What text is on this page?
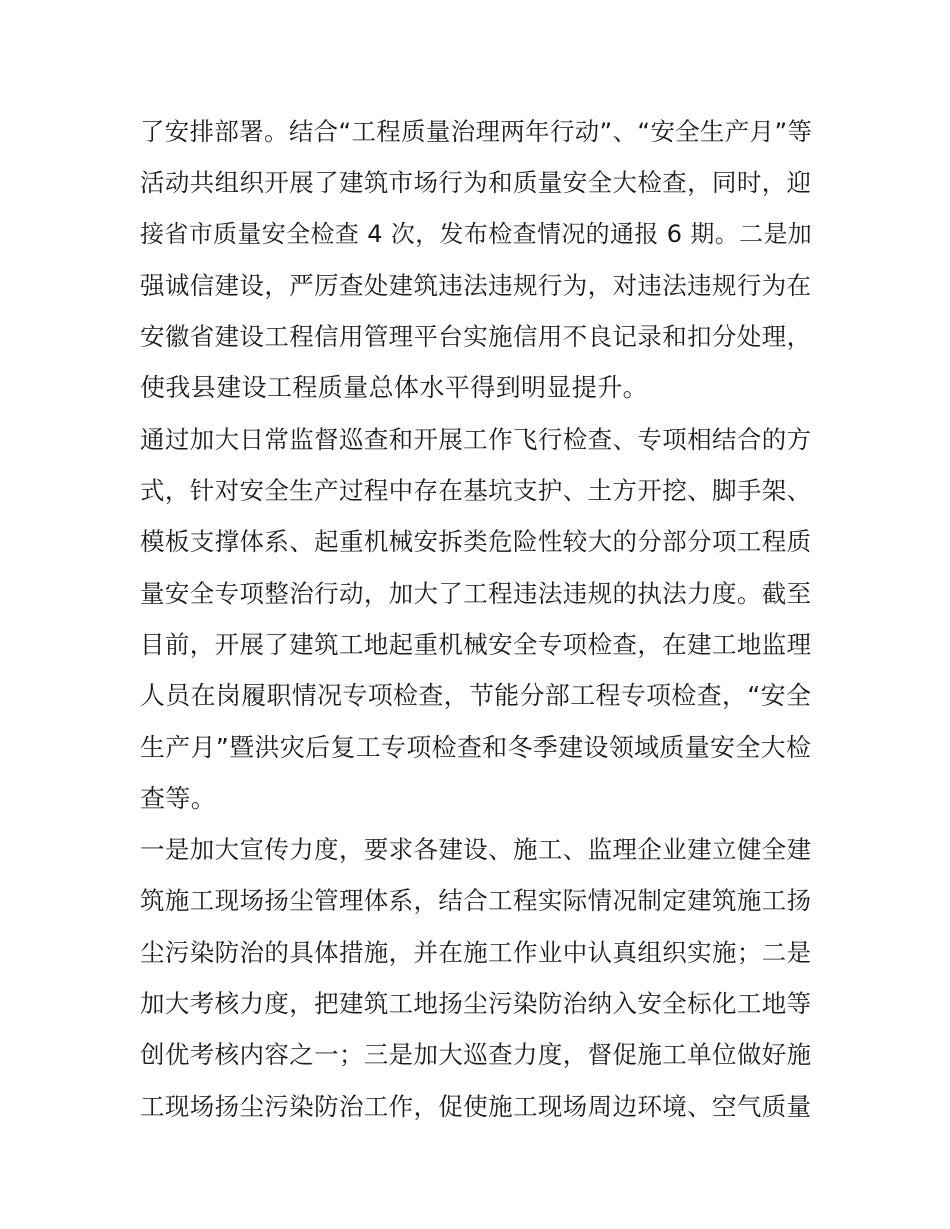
了安排部署。结合“工程质量治理两年行动”、“安全生产月”等
活动共组织开展了建筑市场行为和质量安全大检查，同时，迎
接省市质量安全检查 4 次，发布检查情况的通报 6 期。二是加
强诚信建设，严厉查处建筑违法违规行为，对违法违规行为在
安徽省建设工程信用管理平台实施信用不良记录和扣分处理，
使我县建设工程质量总体水平得到明显提升。
通过加大日常监督巡查和开展工作飞行检查、专项相结合的方
式，针对安全生产过程中存在基坑支护、土方开挖、脚手架、
模板支撑体系、起重机械安拆类危险性较大的分部分项工程质
量安全专项整治行动，加大了工程违法违规的执法力度。截至
目前，开展了建筑工地起重机械安全专项检查，在建工地监理
人员在岗履职情况专项检查，节能分部工程专项检查，“安全
生产月”暨洪灾后复工专项检查和冬季建设领域质量安全大检
查等。
一是加大宣传力度，要求各建设、施工、监理企业建立健全建
筑施工现场扬尘管理体系，结合工程实际情况制定建筑施工扬
尘污染防治的具体措施，并在施工作业中认真组织实施；二是
加大考核力度，把建筑工地扬尘污染防治纳入安全标化工地等
创优考核内容之一；三是加大巡查力度，督促施工单位做好施
工现场扬尘污染防治工作，促使施工现场周边环境、空气质量
